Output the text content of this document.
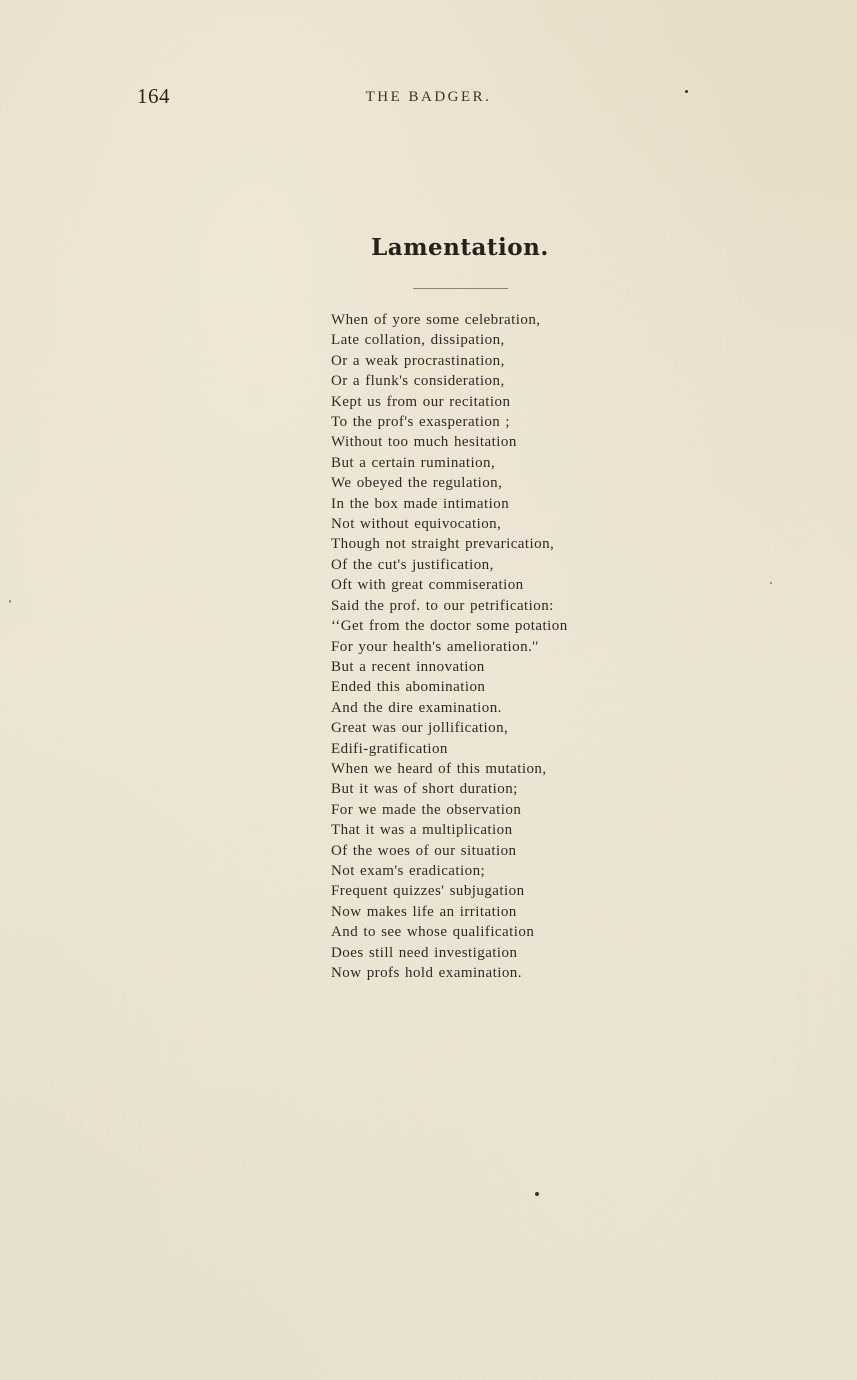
164	THE BADGER.
Lamentation.
When of yore some celebration,
Late collation, dissipation,
Or a weak procrastination,
Or a flunk's consideration,
Kept us from our recitation
To the prof's exasperation ;
Without too much hesitation
But a certain rumination,
We obeyed the regulation,
In the box made intimation
Not without equivocation,
Though not straight prevarication,
Of the cut's justification,
Oft with great commiseration
Said the prof. to our petrification:
‘‘Get from the doctor some potation
For your health's amelioration.''
But a recent innovation
Ended this abomination
And the dire examination.
Great was our jollification,
Edifi-gratification
When we heard of this mutation,
But it was of short duration;
For we made the observation
That it was a multiplication
Of the woes of our situation
Not exam's eradication;
Frequent quizzes' subjugation
Now makes life an irritation
And to see whose qualification
Does still need investigation
Now profs hold examination.
